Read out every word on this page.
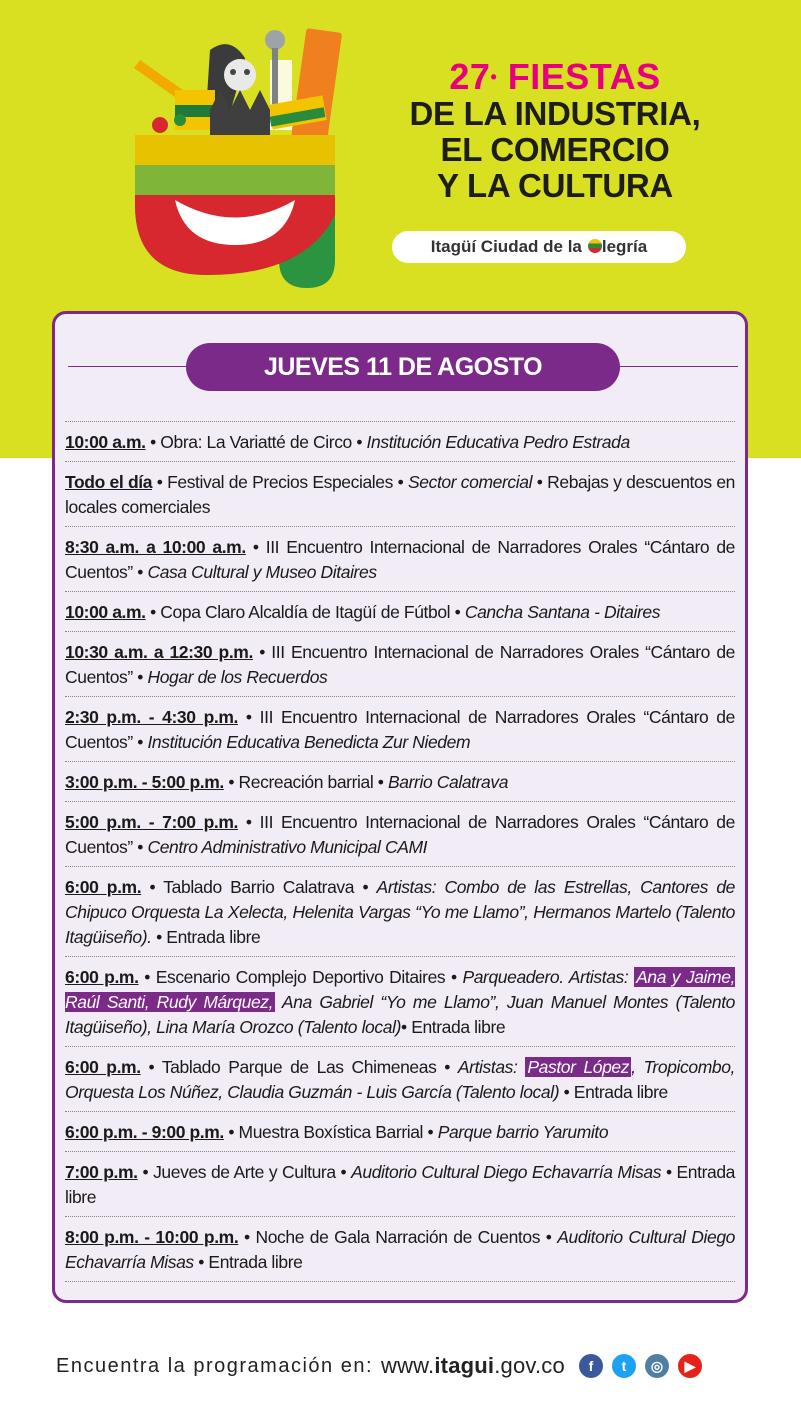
27• FIESTAS
DE LA INDUSTRIA,
EL COMERCIO
Y LA CULTURA
Itagüí Ciudad de la	legría
JUEVES 11 DE AGOSTO
10:00 a.m. • Obra: La Variatté de Circo • Institución Educativa Pedro Estrada
Todo el día • Festival de Precios Especiales • Sector comercial • Rebajas y descuentos en locales comerciales
8:30 a.m. a 10:00 a.m. • III Encuentro Internacional de Narradores Orales “Cántaro de Cuentos” • Casa Cultural y Museo Ditaires
10:00 a.m. • Copa Claro Alcaldía de Itagüí de Fútbol • Cancha Santana - Ditaires
10:30 a.m. a 12:30 p.m. • III Encuentro Internacional de Narradores Orales “Cántaro de Cuentos” • Hogar de los Recuerdos
2:30 p.m. - 4:30 p.m. • III Encuentro Internacional de Narradores Orales “Cántaro de Cuentos” • Institución Educativa Benedicta Zur Niedem
3:00 p.m. - 5:00 p.m. • Recreación barrial • Barrio Calatrava
5:00 p.m. - 7:00 p.m. • III Encuentro Internacional de Narradores Orales “Cántaro de Cuentos” • Centro Administrativo Municipal CAMI
6:00 p.m. • Tablado Barrio Calatrava • Artistas: Combo de las Estrellas, Cantores de Chipuco Orquesta La Xelecta, Helenita Vargas “Yo me Llamo”, Hermanos Martelo (Talento Itagüiseño). • Entrada libre
6:00 p.m. • Escenario Complejo Deportivo Ditaires • Parqueadero. Artistas: Ana y Jaime, Raúl Santi, Rudy Márquez, Ana Gabriel “Yo me Llamo”, Juan Manuel Montes (Talento Itagüiseño), Lina María Orozco (Talento local)• Entrada libre
6:00 p.m. • Tablado Parque de Las Chimeneas • Artistas: Pastor López , Tropicombo, Orquesta Los Núñez, Claudia Guzmán - Luis García (Talento local) • Entrada libre
6:00 p.m. - 9:00 p.m. • Muestra Boxística Barrial • Parque barrio Yarumito
7:00 p.m. • Jueves de Arte y Cultura • Auditorio Cultural Diego Echavarría Misas • Entrada libre
8:00 p.m. - 10:00 p.m. • Noche de Gala Narración de Cuentos • Auditorio Cultural Diego Echavarría Misas • Entrada libre
Encuentra la programación en: www.itagui.gov.co	f	t	◎	▶
